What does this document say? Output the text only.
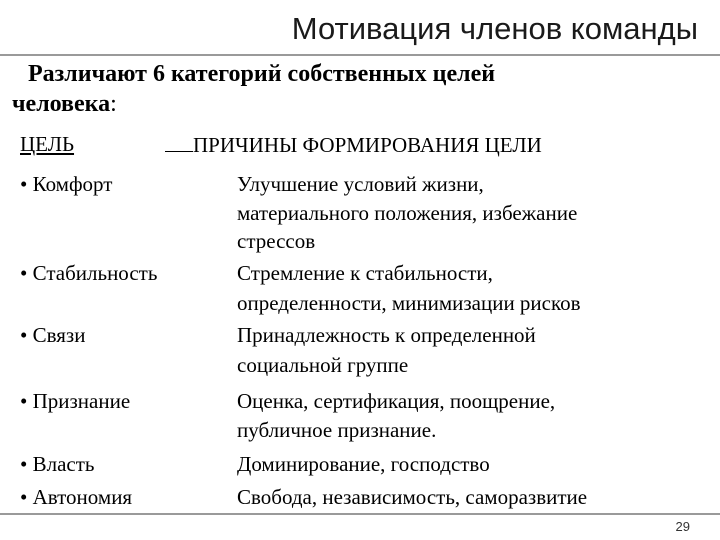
Мотивация членов команды
Различают 6 категорий собственных целей
человека:
ЦЕЛЬ	ПРИЧИНЫ ФОРМИРОВАНИЯ ЦЕЛИ
• Комфорт	Улучшение условий жизни,
материального положения, избежание
стрессов
• Стабильность	Стремление к стабильности,
определенности, минимизации рисков
• Связи	Принадлежность к определенной
социальной группе
• Признание	Оценка, сертификация, поощрение,
публичное признание.
• Власть	Доминирование, господство
• Автономия	Свобода, независимость, саморазвитие
29
